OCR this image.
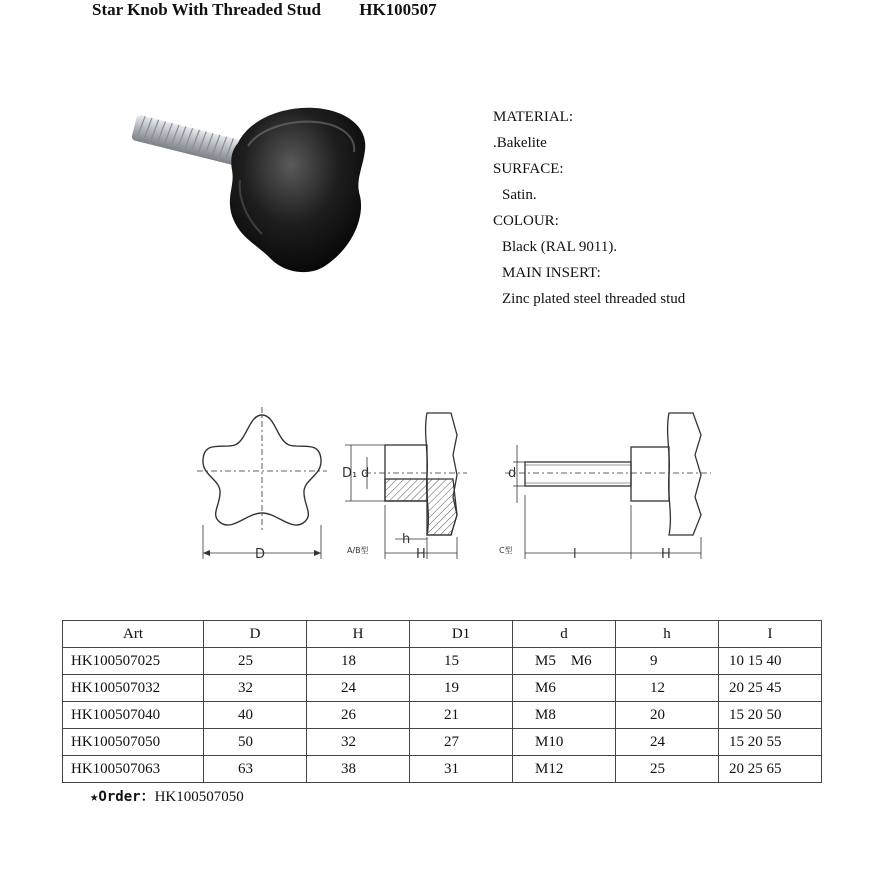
Star Knob With Threaded Stud HK100507
MATERIAL:
.Bakelite
SURFACE:
Satin.
COLOUR:
Black (RAL 9011).
MAIN INSERT:
Zinc plated steel threaded stud
D
D₁ d
h
H
A/B型
d
l	H
C型
Art	D	H	D1	d	h	I
HK100507025	25	18	15	M5 M6	9	10 15 40
HK100507032	32	24	19	M6	12	20 25 45
HK100507040	40	26	21	M8	20	15 20 50
HK100507050	50	32	27	M10	24	15 20 55
HK100507063	63	38	31	M12	25	20 25 65
★Order：HK100507050
